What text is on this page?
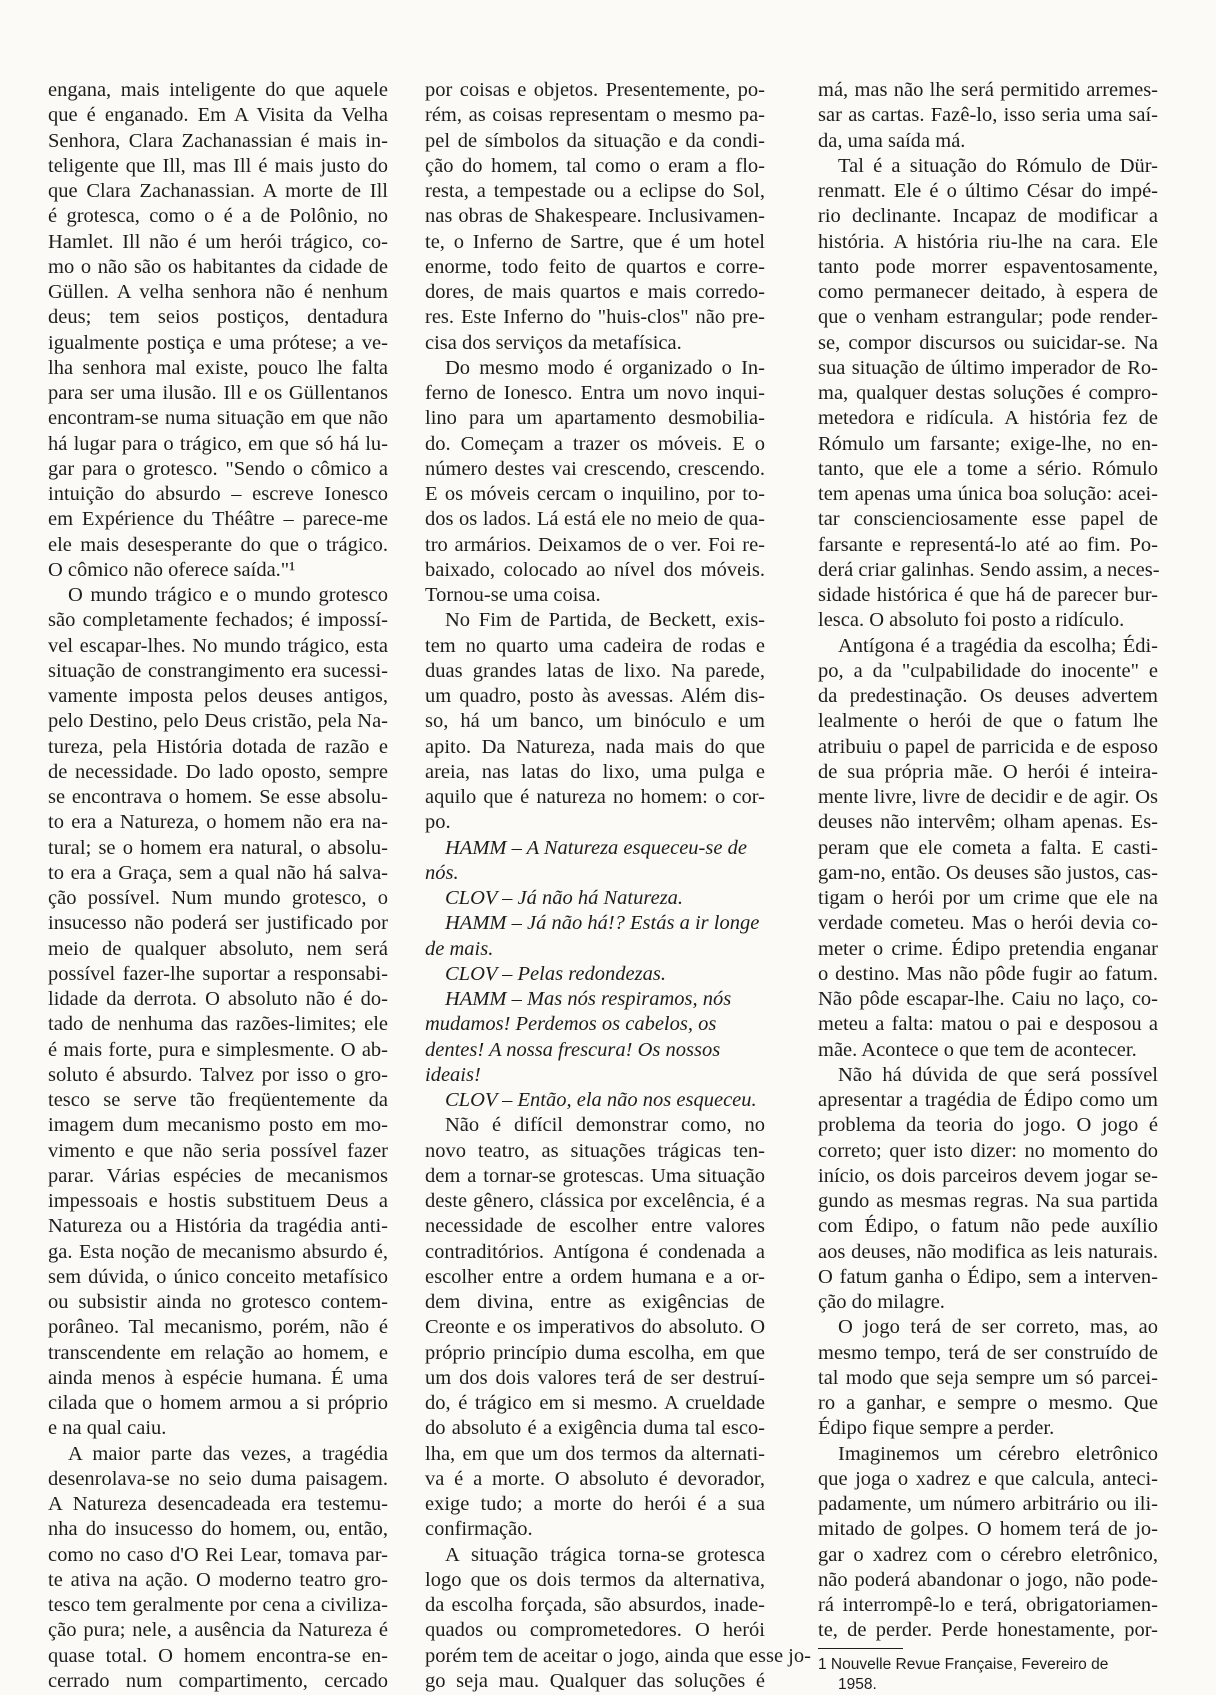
engana, mais inteligente do que aquele
que é enganado. Em A Visita da Velha
Senhora, Clara Zachanassian é mais in-
teligente que Ill, mas Ill é mais justo do
que Clara Zachanassian. A morte de Ill
é grotesca, como o é a de Polônio, no
Hamlet. Ill não é um herói trágico, co-
mo o não são os habitantes da cidade de
Güllen. A velha senhora não é nenhum
deus; tem seios postiços, dentadura
igualmente postiça e uma prótese; a ve-
lha senhora mal existe, pouco lhe falta
para ser uma ilusão. Ill e os Güllentanos
encontram-se numa situação em que não
há lugar para o trágico, em que só há lu-
gar para o grotesco. "Sendo o cômico a
intuição do absurdo – escreve Ionesco
em Expérience du Théâtre – parece-me
ele mais desesperante do que o trágico.
O cômico não oferece saída."¹
O mundo trágico e o mundo grotesco
são completamente fechados; é impossí-
vel escapar-lhes. No mundo trágico, esta
situação de constrangimento era sucessi-
vamente imposta pelos deuses antigos,
pelo Destino, pelo Deus cristão, pela Na-
tureza, pela História dotada de razão e
de necessidade. Do lado oposto, sempre
se encontrava o homem. Se esse absolu-
to era a Natureza, o homem não era na-
tural; se o homem era natural, o absolu-
to era a Graça, sem a qual não há salva-
ção possível. Num mundo grotesco, o
insucesso não poderá ser justificado por
meio de qualquer absoluto, nem será
possível fazer-lhe suportar a responsabi-
lidade da derrota. O absoluto não é do-
tado de nenhuma das razões-limites; ele
é mais forte, pura e simplesmente. O ab-
soluto é absurdo. Talvez por isso o gro-
tesco se serve tão freqüentemente da
imagem dum mecanismo posto em mo-
vimento e que não seria possível fazer
parar. Várias espécies de mecanismos
impessoais e hostis substituem Deus a
Natureza ou a História da tragédia anti-
ga. Esta noção de mecanismo absurdo é,
sem dúvida, o único conceito metafísico
ou subsistir ainda no grotesco contem-
porâneo. Tal mecanismo, porém, não é
transcendente em relação ao homem, e
ainda menos à espécie humana. É uma
cilada que o homem armou a si próprio
e na qual caiu.
A maior parte das vezes, a tragédia
desenrolava-se no seio duma paisagem.
A Natureza desencadeada era testemu-
nha do insucesso do homem, ou, então,
como no caso d'O Rei Lear, tomava par-
te ativa na ação. O moderno teatro gro-
tesco tem geralmente por cena a civiliza-
ção pura; nele, a ausência da Natureza é
quase total. O homem encontra-se en-
cerrado num compartimento, cercado
por coisas e objetos. Presentemente, po-
rém, as coisas representam o mesmo pa-
pel de símbolos da situação e da condi-
ção do homem, tal como o eram a flo-
resta, a tempestade ou a eclipse do Sol,
nas obras de Shakespeare. Inclusivamen-
te, o Inferno de Sartre, que é um hotel
enorme, todo feito de quartos e corre-
dores, de mais quartos e mais corredo-
res. Este Inferno do "huis-clos" não pre-
cisa dos serviços da metafísica.
Do mesmo modo é organizado o In-
ferno de Ionesco. Entra um novo inqui-
lino para um apartamento desmobilia-
do. Começam a trazer os móveis. E o
número destes vai crescendo, crescendo.
E os móveis cercam o inquilino, por to-
dos os lados. Lá está ele no meio de qua-
tro armários. Deixamos de o ver. Foi re-
baixado, colocado ao nível dos móveis.
Tornou-se uma coisa.
No Fim de Partida, de Beckett, exis-
tem no quarto uma cadeira de rodas e
duas grandes latas de lixo. Na parede,
um quadro, posto às avessas. Além dis-
so, há um banco, um binóculo e um
apito. Da Natureza, nada mais do que
areia, nas latas do lixo, uma pulga e
aquilo que é natureza no homem: o cor-
po.
HAMM – A Natureza esqueceu-se de
nós.
CLOV – Já não há Natureza.
HAMM – Já não há!? Estás a ir longe
de mais.
CLOV – Pelas redondezas.
HAMM – Mas nós respiramos, nós
mudamos! Perdemos os cabelos, os
dentes! A nossa frescura! Os nossos
ideais!
CLOV – Então, ela não nos esqueceu.
Não é difícil demonstrar como, no
novo teatro, as situações trágicas ten-
dem a tornar-se grotescas. Uma situação
deste gênero, clássica por excelência, é a
necessidade de escolher entre valores
contraditórios. Antígona é condenada a
escolher entre a ordem humana e a or-
dem divina, entre as exigências de
Creonte e os imperativos do absoluto. O
próprio princípio duma escolha, em que
um dos dois valores terá de ser destruí-
do, é trágico em si mesmo. A crueldade
do absoluto é a exigência duma tal esco-
lha, em que um dos termos da alternati-
va é a morte. O absoluto é devorador,
exige tudo; a morte do herói é a sua
confirmação.
A situação trágica torna-se grotesca
logo que os dois termos da alternativa,
da escolha forçada, são absurdos, inade-
quados ou comprometedores. O herói
porém tem de aceitar o jogo, ainda que esse jo-
go seja mau. Qualquer das soluções é
má, mas não lhe será permitido arremes-
sar as cartas. Fazê-lo, isso seria uma saí-
da, uma saída má.
Tal é a situação do Rómulo de Dür-
renmatt. Ele é o último César do impé-
rio declinante. Incapaz de modificar a
história. A história riu-lhe na cara. Ele
tanto pode morrer espaventosamente,
como permanecer deitado, à espera de
que o venham estrangular; pode render-
se, compor discursos ou suicidar-se. Na
sua situação de último imperador de Ro-
ma, qualquer destas soluções é compro-
metedora e ridícula. A história fez de
Rómulo um farsante; exige-lhe, no en-
tanto, que ele a tome a sério. Rómulo
tem apenas uma única boa solução: acei-
tar conscienciosamente esse papel de
farsante e representá-lo até ao fim. Po-
derá criar galinhas. Sendo assim, a neces-
sidade histórica é que há de parecer bur-
lesca. O absoluto foi posto a ridículo.
Antígona é a tragédia da escolha; Édi-
po, a da "culpabilidade do inocente" e
da predestinação. Os deuses advertem
lealmente o herói de que o fatum lhe
atribuiu o papel de parricida e de esposo
de sua própria mãe. O herói é inteira-
mente livre, livre de decidir e de agir. Os
deuses não intervêm; olham apenas. Es-
peram que ele cometa a falta. E casti-
gam-no, então. Os deuses são justos, cas-
tigam o herói por um crime que ele na
verdade cometeu. Mas o herói devia co-
meter o crime. Édipo pretendia enganar
o destino. Mas não pôde fugir ao fatum.
Não pôde escapar-lhe. Caiu no laço, co-
meteu a falta: matou o pai e desposou a
mãe. Acontece o que tem de acontecer.
Não há dúvida de que será possível
apresentar a tragédia de Édipo como um
problema da teoria do jogo. O jogo é
correto; quer isto dizer: no momento do
início, os dois parceiros devem jogar se-
gundo as mesmas regras. Na sua partida
com Édipo, o fatum não pede auxílio
aos deuses, não modifica as leis naturais.
O fatum ganha o Édipo, sem a interven-
ção do milagre.
O jogo terá de ser correto, mas, ao
mesmo tempo, terá de ser construído de
tal modo que seja sempre um só parcei-
ro a ganhar, e sempre o mesmo. Que
Édipo fique sempre a perder.
Imaginemos um cérebro eletrônico
que joga o xadrez e que calcula, anteci-
padamente, um número arbitrário ou ili-
mitado de golpes. O homem terá de jo-
gar o xadrez com o cérebro eletrônico,
não poderá abandonar o jogo, não pode-
rá interrompê-lo e terá, obrigatoriamen-
te, de perder. Perde honestamente, por-
1 Nouvelle Revue Française, Fevereiro de
1958.
